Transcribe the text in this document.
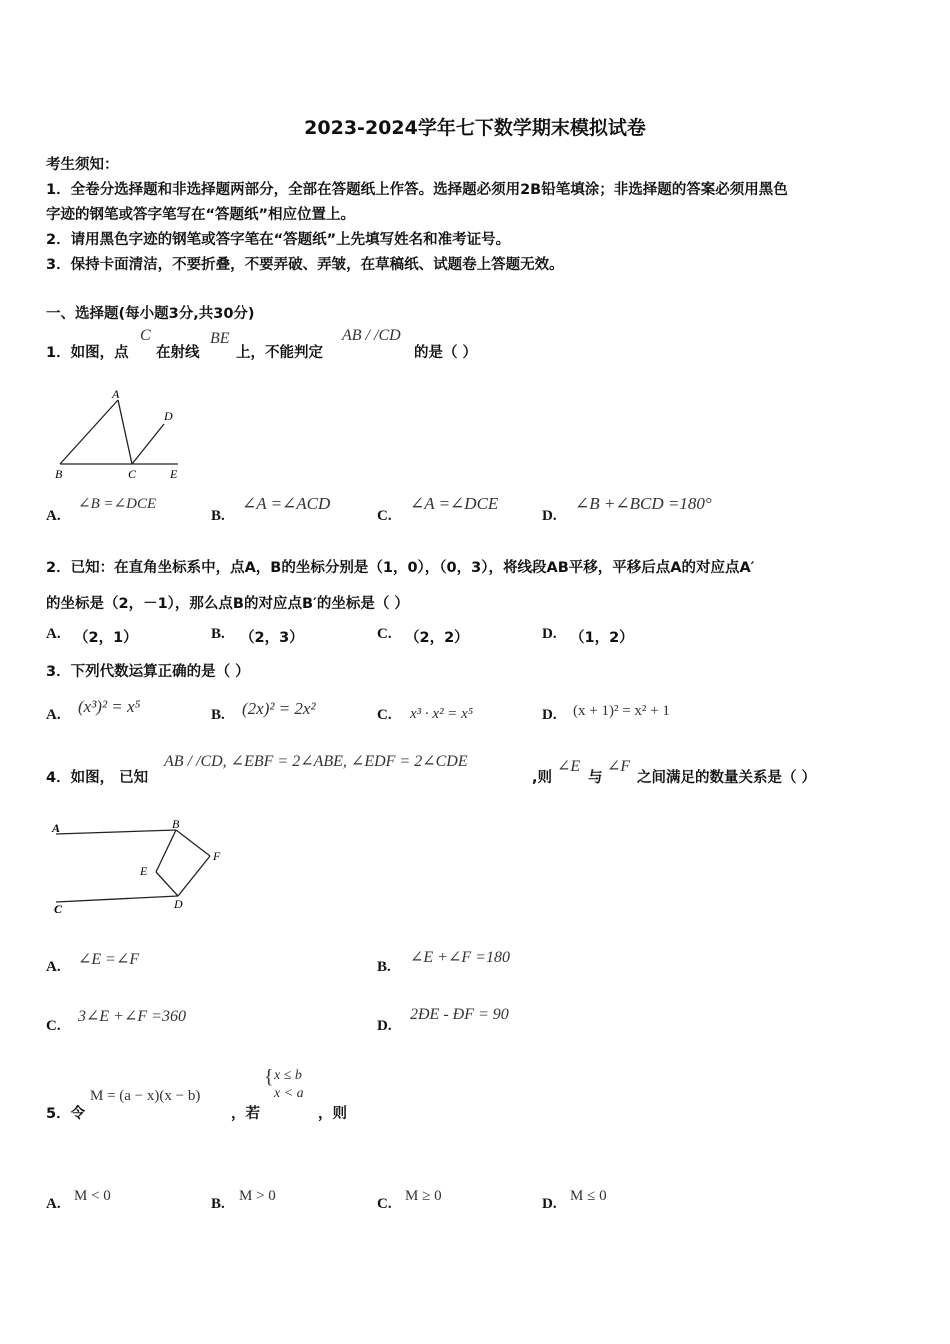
2023-2024学年七下数学期末模拟试卷
考生须知：
1．全卷分选择题和非选择题两部分，全部在答题纸上作答。选择题必须用2B铅笔填涂；非选择题的答案必须用黑色
字迹的钢笔或答字笔写在“答题纸”相应位置上。
2．请用黑色字迹的钢笔或答字笔在“答题纸”上先填写姓名和准考证号。
3．保持卡面清洁，不要折叠，不要弄破、弄皱，在草稿纸、试题卷上答题无效。
一、选择题(每小题3分,共30分)
1．如图，点
C
在射线
BE
上，不能判定
AB / /CD
的是（ ）
A
B	C
D
E
A.
∠B =∠DCE
B.
∠A =∠ACD
C.
∠A =∠DCE
D.
∠B +∠BCD =180°
2．已知：在直角坐标系中，点A，B的坐标分别是（1，0），（0，3），将线段AB平移，平移后点A的对应点A′
的坐标是（2，－1），那么点B的对应点B′的坐标是（ ）
A. （2，1）	B. （2，3）	C. （2，2）	D. （1，2）
3．下列代数运算正确的是（ ）
A. (x³)² = x⁵	B. (2x)² = 2x²	C. x³ · x² = x⁵	D. (x + 1)² = x² + 1
4．如图， 已知
AB / /CD, ∠EBF = 2∠ABE, ∠EDF = 2∠CDE
,则
∠E
与
∠F
之间满足的数量关系是（ ）
A	B
C	D
E
F
A. ∠E =∠F	B.
∠E +∠F =180
C.
3∠E +∠F =360
D.
2ÐE - ÐF = 90
5．令
M = (a − x)(x − b)
，若
{ x ≤ b
x < a
，则
A. M < 0	B. M > 0	C. M ≥ 0	D. M ≤ 0
